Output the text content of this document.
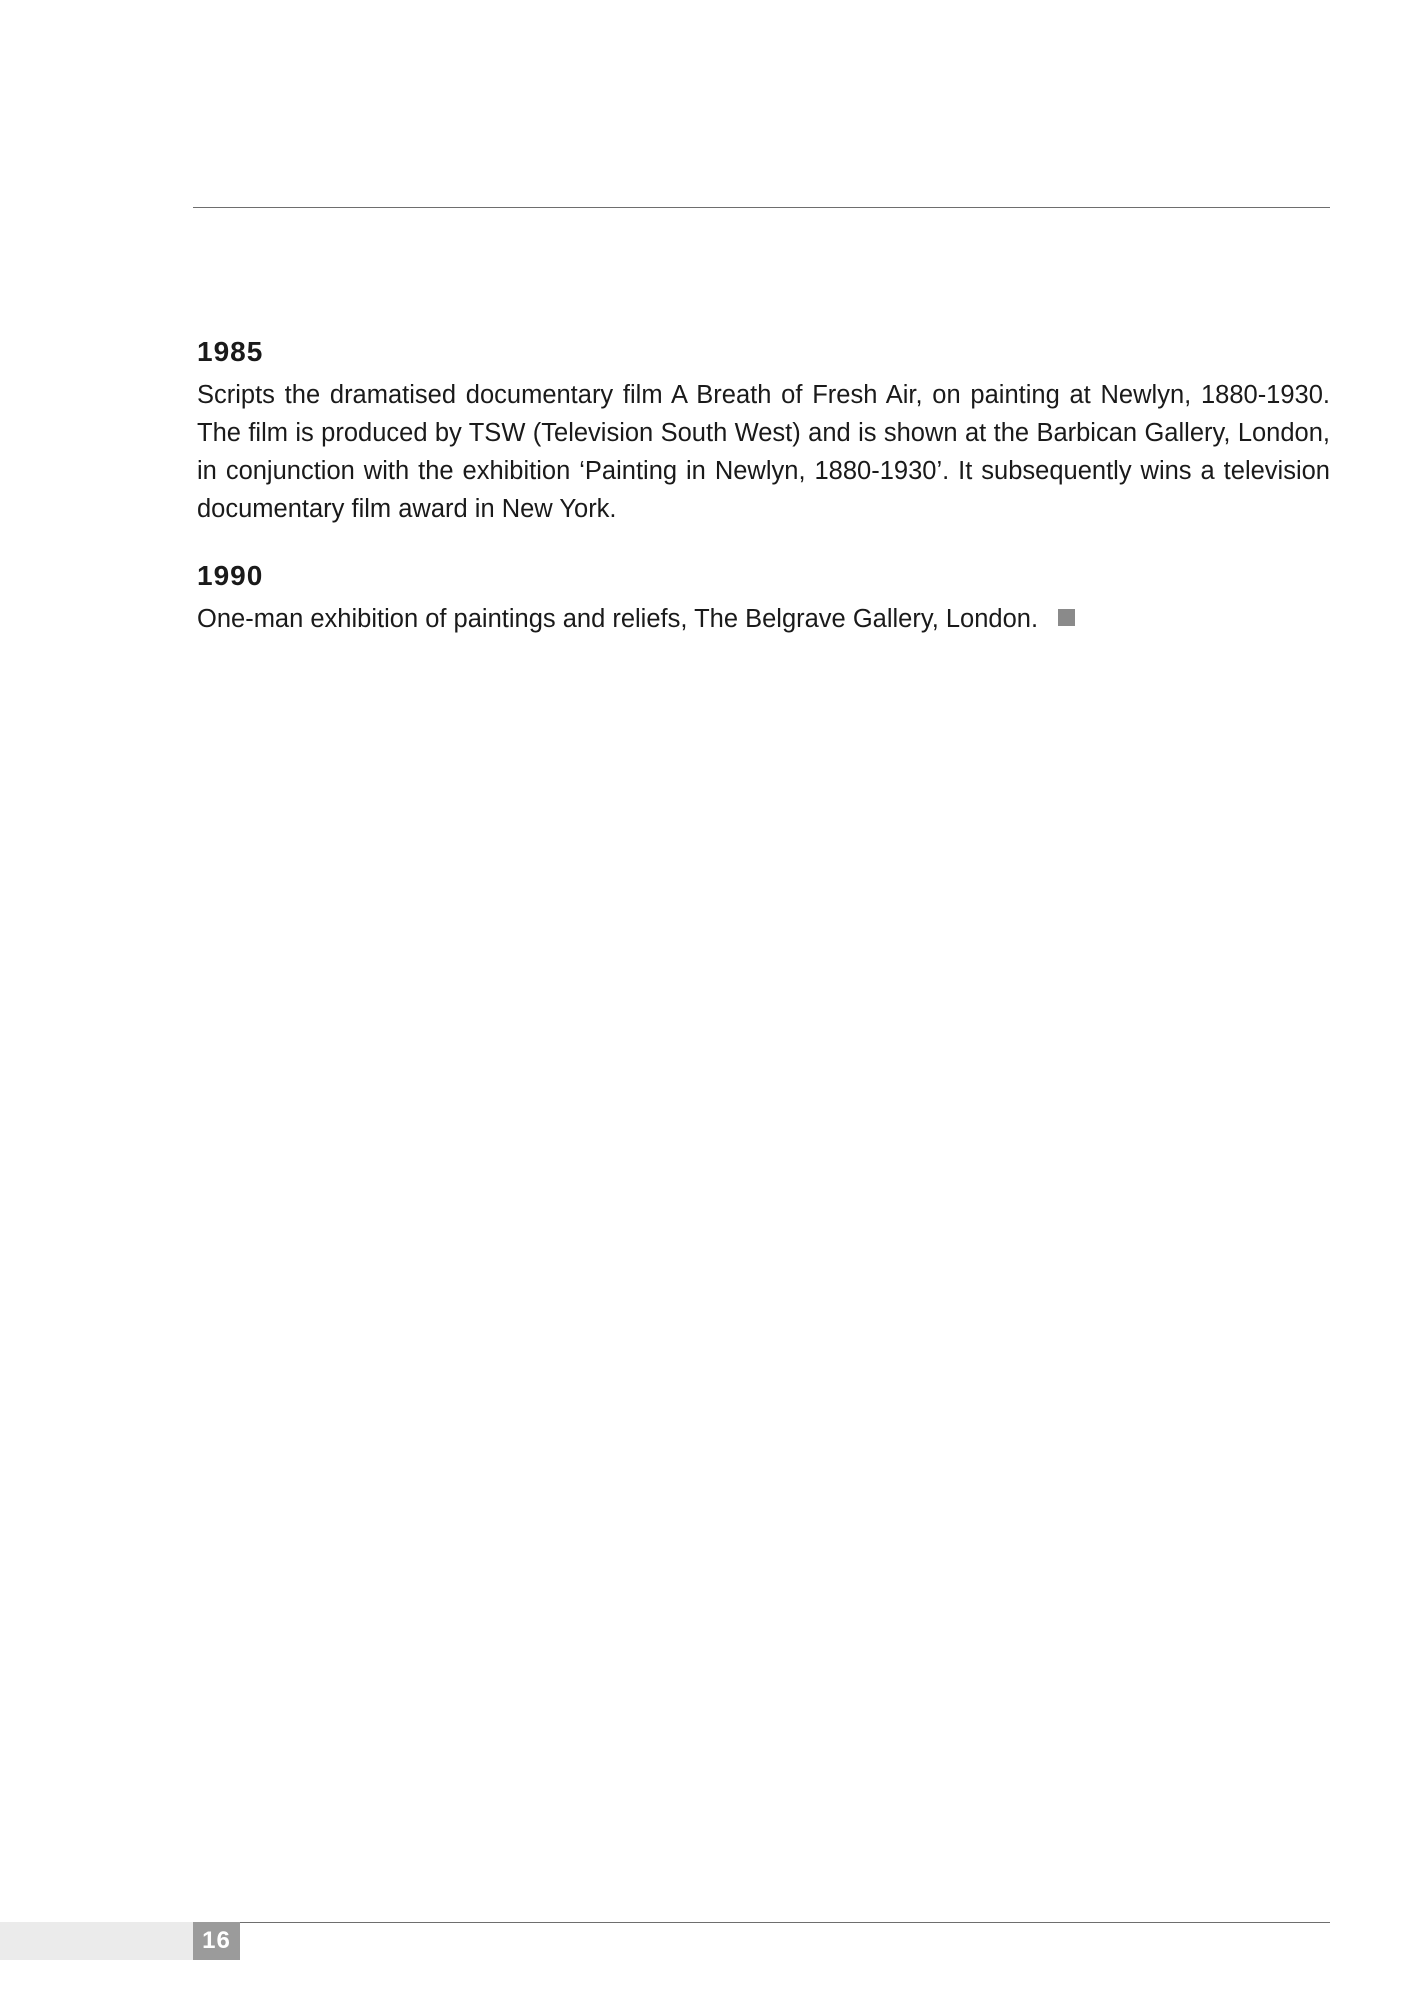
1985

Scripts the dramatised documentary film A Breath of Fresh Air, on painting at Newlyn, 1880-1930. The film is produced by TSW (Television South West) and is shown at the Barbican Gallery, London, in conjunction with the exhibition ‘Painting in Newlyn, 1880-1930’. It subsequently wins a television documentary film award in New York.

1990

One-man exhibition of paintings and reliefs, The Belgrave Gallery, London.

16
